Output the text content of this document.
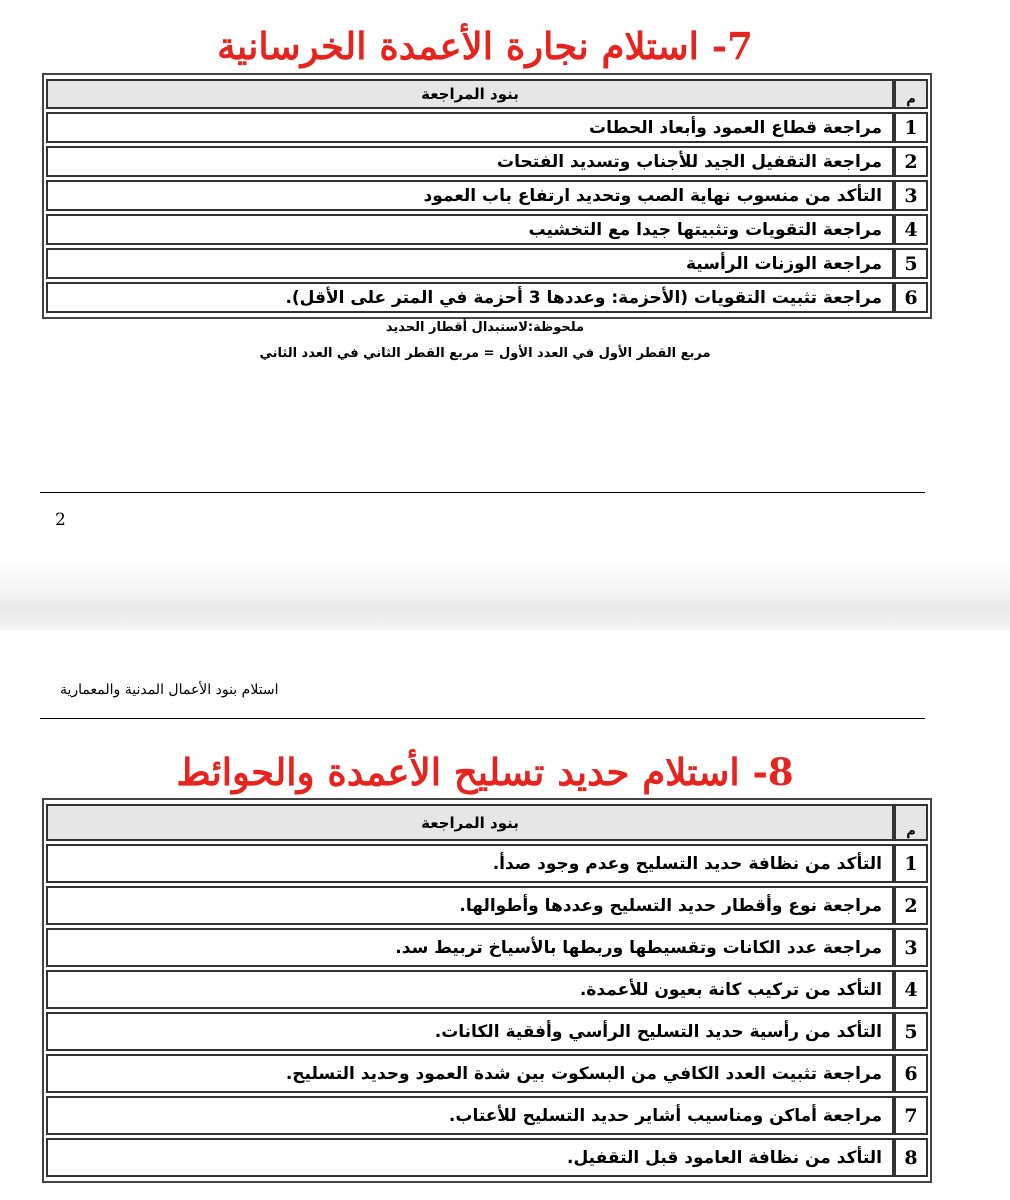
7- استلام نجارة الأعمدة الخرسانية
م	بنود المراجعة
1	مراجعة قطاع العمود وأبعاد الحطات
2	مراجعة التقفيل الجيد للأجناب وتسديد الفتحات
3	التأكد من منسوب نهاية الصب وتحديد ارتفاع باب العمود
4	مراجعة التقويات وتثبيتها جيدا مع التخشيب
5	مراجعة الوزنات الرأسية
6	مراجعة تثبيت التقويات (الأحزمة: وعددها 3 أحزمة في المتر على الأقل).
ملحوظة:لاستبدال أقطار الحديد
مربع القطر الأول في العدد الأول = مربع القطر الثاني في العدد الثاني
2
استلام بنود الأعمال المدنية والمعمارية
8- استلام حديد تسليح الأعمدة والحوائط
م	بنود المراجعة
1	التأكد من نظافة حديد التسليح وعدم وجود صدأ.
2	مراجعة نوع وأقطار حديد التسليح وعددها وأطوالها.
3	مراجعة عدد الكانات وتقسيطها وربطها بالأسياخ تربيط سد.
4	التأكد من تركيب كانة بعيون للأعمدة.
5	التأكد من رأسية حديد التسليح الرأسي وأفقية الكانات.
6	مراجعة تثبيت العدد الكافي من البسكوت بين شدة العمود وحديد التسليح.
7	مراجعة أماكن ومناسيب أشاير حديد التسليح للأعتاب.
8	التأكد من نظافة العامود قبل التقفيل.
